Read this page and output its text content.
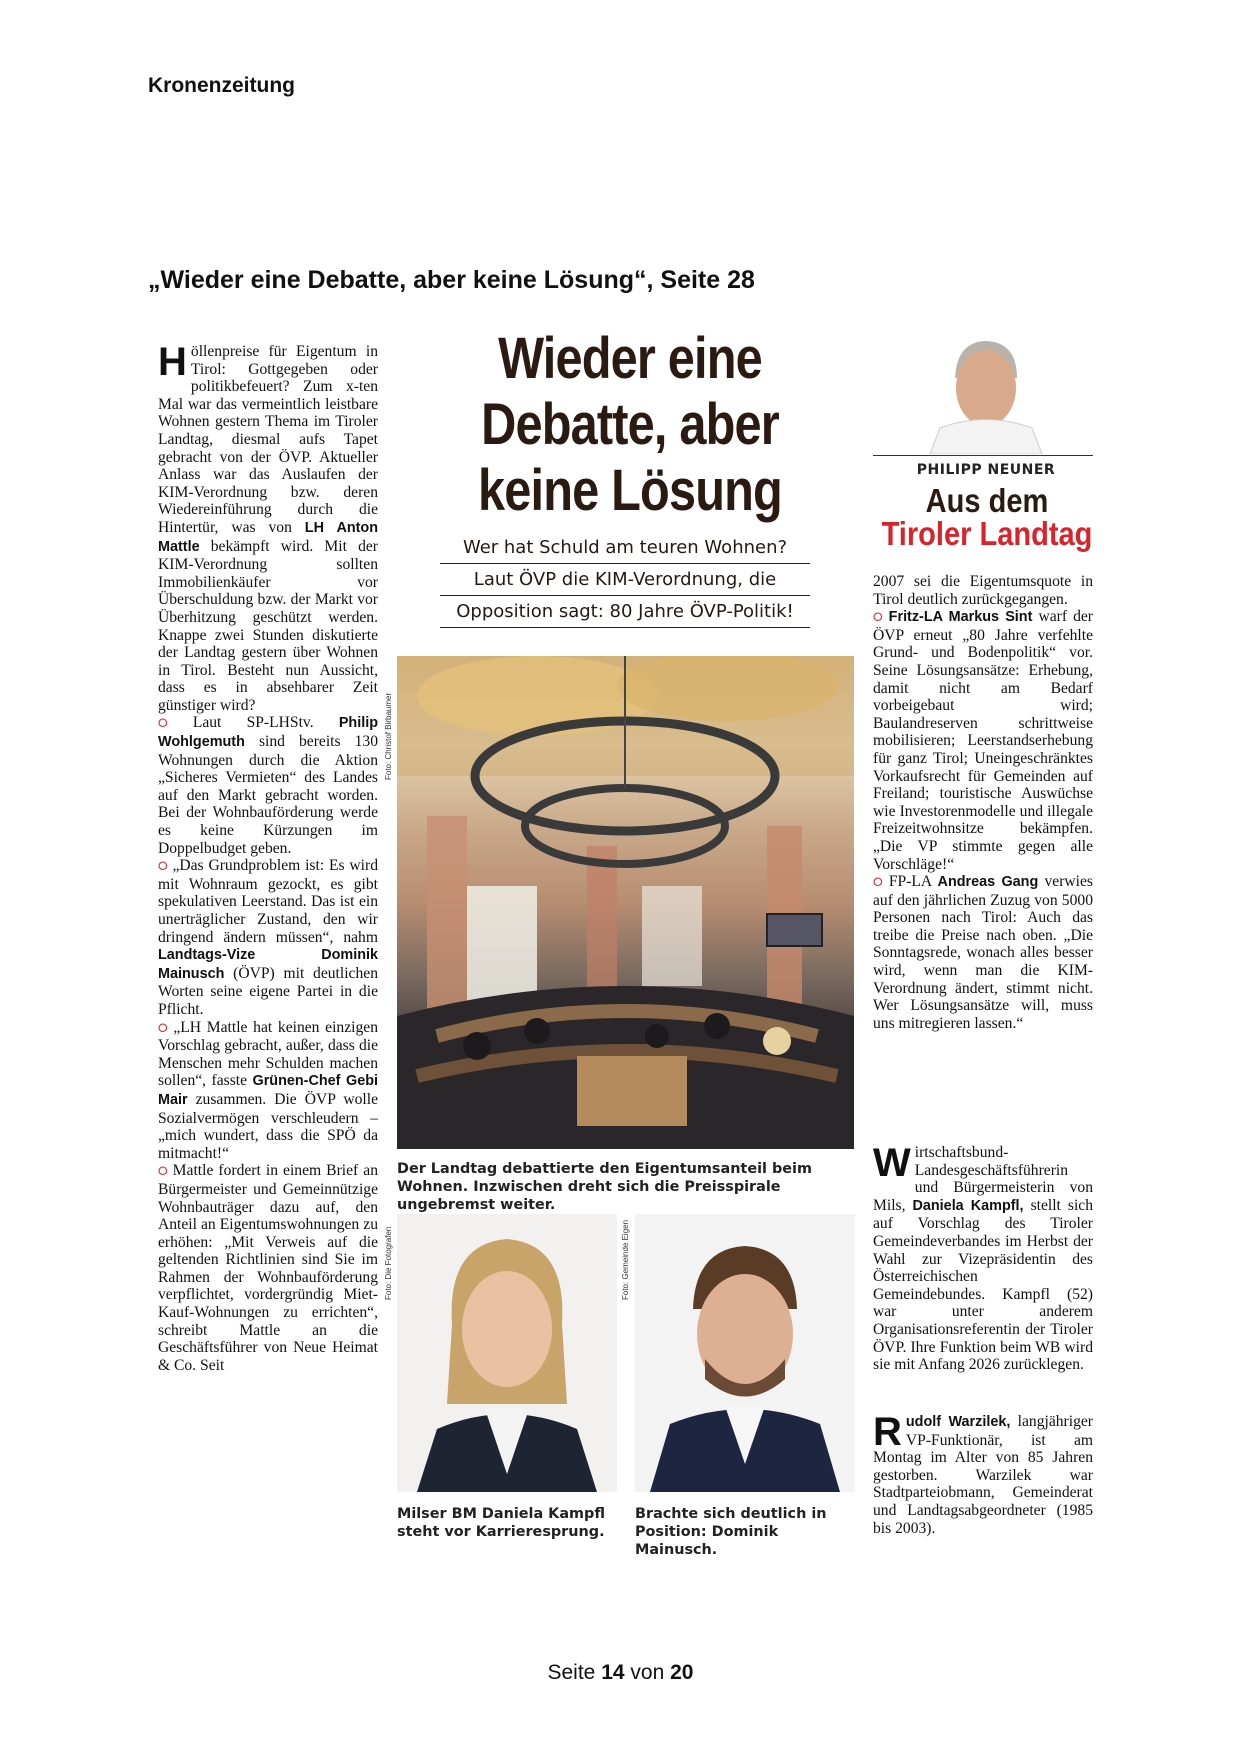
Kronenzeitung
„Wieder eine Debatte, aber keine Lösung“, Seite 28

Höllenpreise für Eigentum in Tirol: Gottgegeben oder politikbefeuert? Zum x-ten Mal war das vermeintlich leistbare Wohnen gestern Thema im Tiroler Landtag, diesmal aufs Tapet gebracht von der ÖVP. Aktueller Anlass war das Auslaufen der KIM-Verordnung bzw. deren Wiedereinführung durch die Hintertür, was von LH Anton Mattle bekämpft wird. Mit der KIM-Verordnung sollten Immobilienkäufer vor Überschuldung bzw. der Markt vor Überhitzung geschützt werden. Knappe zwei Stunden diskutierte der Landtag gestern über Wohnen in Tirol. Besteht nun Aussicht, dass es in absehbarer Zeit günstiger wird?

⭘ Laut SP-LHStv. Philip Wohlgemuth sind bereits 130 Wohnungen durch die Aktion „Sicheres Vermieten“ des Landes auf den Markt gebracht worden. Bei der Wohnbauförderung werde es keine Kürzungen im Doppelbudget geben.

⭘ „Das Grundproblem ist: Es wird mit Wohnraum gezockt, es gibt spekulativen Leerstand. Das ist ein unerträglicher Zustand, den wir dringend ändern müssen“, nahm Landtags-Vize Dominik Mainusch (ÖVP) mit deutlichen Worten seine eigene Partei in die Pflicht.

⭘ „LH Mattle hat keinen einzigen Vorschlag gebracht, außer, dass die Menschen mehr Schulden machen sollen“, fasste Grünen-Chef Gebi Mair zusammen. Die ÖVP wolle Sozialvermögen verschleudern – „mich wundert, dass die SPÖ da mitmacht!“

⭘ Mattle fordert in einem Brief an Bürgermeister und Gemeinnützige Wohnbauträger dazu auf, den Anteil an Eigentumswohnungen zu erhöhen: „Mit Verweis auf die geltenden Richtlinien sind Sie im Rahmen der Wohnbauförderung verpflichtet, vordergründig Miet-Kauf-Wohnungen zu errichten“, schreibt Mattle an die Geschäftsführer von Neue Heimat & Co. Seit

Wieder eine Debatte, aber keine Lösung
Wer hat Schuld am teuren Wohnen?
Laut ÖVP die KIM-Verordnung, die
Opposition sagt: 80 Jahre ÖVP-Politik!
Foto: Christof Birbaumer
Der Landtag debattierte den Eigentumsanteil beim Wohnen. Inzwischen dreht sich die Preisspirale ungebremst weiter.
Foto: Die Fotografen
Milser BM Daniela Kampfl steht vor Karrieresprung.
Foto: Gemeinde Eigen
Brachte sich deutlich in Position: Dominik Mainusch.
PHILIPP NEUNER
Aus dem
Tiroler Landtag

2007 sei die Eigentumsquote in Tirol deutlich zurückgegangen.

⭘ Fritz-LA Markus Sint warf der ÖVP erneut „80 Jahre verfehlte Grund- und Bodenpolitik“ vor. Seine Lösungsansätze: Erhebung, damit nicht am Bedarf vorbeigebaut wird; Baulandreserven schrittweise mobilisieren; Leerstandserhebung für ganz Tirol; Uneingeschränktes Vorkaufsrecht für Gemeinden auf Freiland; touristische Auswüchse wie Investorenmodelle und illegale Freizeitwohnsitze bekämpfen. „Die VP stimmte gegen alle Vorschläge!“

⭘ FP-LA Andreas Gang verwies auf den jährlichen Zuzug von 5000 Personen nach Tirol: Auch das treibe die Preise nach oben. „Die Sonntagsrede, wonach alles besser wird, wenn man die KIM-Verordnung ändert, stimmt nicht. Wer Lösungsansätze will, muss uns mitregieren lassen.“

Wirtschaftsbund- Landesgeschäftsführerin und Bürgermeisterin von Mils, Daniela Kampfl, stellt sich auf Vorschlag des Tiroler Gemeindeverbandes im Herbst der Wahl zur Vizepräsidentin des Österreichischen Gemeindebundes. Kampfl (52) war unter anderem Organisationsreferentin der Tiroler ÖVP. Ihre Funktion beim WB wird sie mit Anfang 2026 zurücklegen.

Rudolf Warzilek, langjähriger VP-Funktionär, ist am Montag im Alter von 85 Jahren gestorben. Warzilek war Stadtparteiobmann, Gemeinderat und Landtagsabgeordneter (1985 bis 2003).

Seite 14 von 20
